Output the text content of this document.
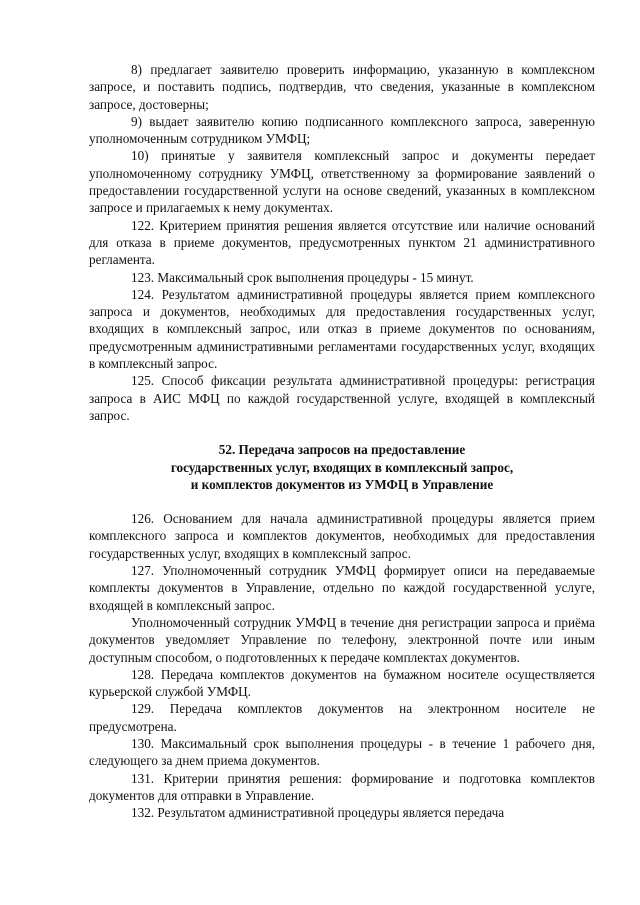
8) предлагает заявителю проверить информацию, указанную в комплексном запросе, и поставить подпись, подтвердив, что сведения, указанные в комплексном запросе, достоверны;

9) выдает заявителю копию подписанного комплексного запроса, заверенную уполномоченным сотрудником УМФЦ;

10) принятые у заявителя комплексный запрос и документы передает уполномоченному сотруднику УМФЦ, ответственному за формирование заявлений о предоставлении государственной услуги на основе сведений, указанных в комплексном запросе и прилагаемых к нему документах.

122. Критерием принятия решения является отсутствие или наличие оснований для отказа в приеме документов, предусмотренных пунктом 21 административного регламента.

123. Максимальный срок выполнения процедуры - 15 минут.

124. Результатом административной процедуры является прием комплексного запроса и документов, необходимых для предоставления государственных услуг, входящих в комплексный запрос, или отказ в приеме документов по основаниям, предусмотренным административными регламентами государственных услуг, входящих в комплексный запрос.

125. Способ фиксации результата административной процедуры: регистрация запроса в АИС МФЦ по каждой государственной услуге, входящей в комплексный запрос.

52. Передача запросов на предоставление
государственных услуг, входящих в комплексный запрос,
и комплектов документов из УМФЦ в Управление

126. Основанием для начала административной процедуры является прием комплексного запроса и комплектов документов, необходимых для предоставления государственных услуг, входящих в комплексный запрос.

127. Уполномоченный сотрудник УМФЦ формирует описи на передаваемые комплекты документов в Управление, отдельно по каждой государственной услуге, входящей в комплексный запрос.

Уполномоченный сотрудник УМФЦ в течение дня регистрации запроса и приёма документов уведомляет Управление по телефону, электронной почте или иным доступным способом, о подготовленных к передаче комплектах документов.

128. Передача комплектов документов на бумажном носителе осуществляется курьерской службой УМФЦ.

129. Передача комплектов документов на электронном носителе не предусмотрена.

130. Максимальный срок выполнения процедуры - в течение 1 рабочего дня, следующего за днем приема документов.

131. Критерии принятия решения: формирование и подготовка комплектов документов для отправки в Управление.

132. Результатом административной процедуры является передача
